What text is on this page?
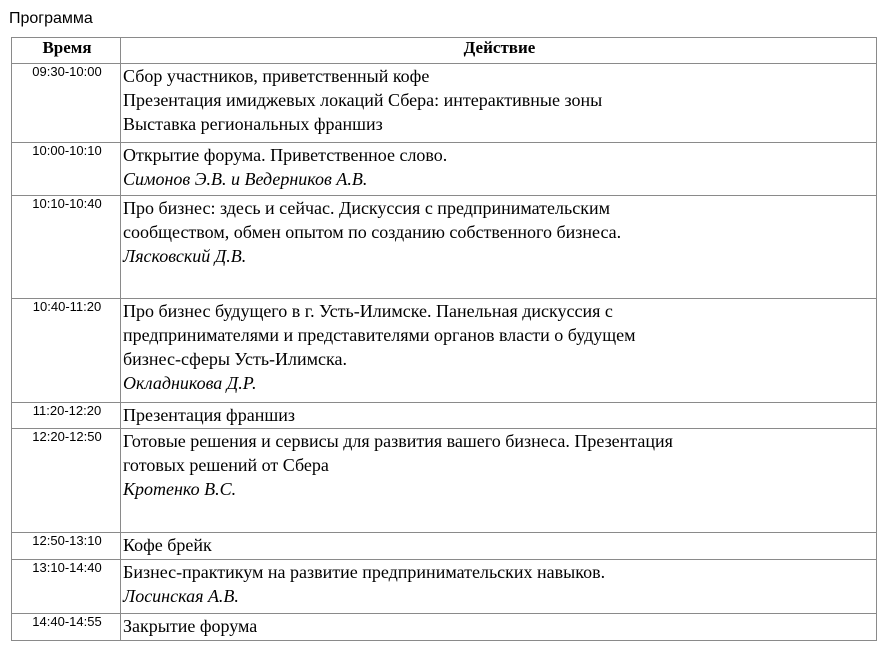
Программа
Время	Действие
09:30-10:00	Сбор участников, приветственный кофе
Презентация имиджевых локаций Сбера: интерактивные зоны
Выставка региональных франшиз

10:00-10:10	Открытие форума. Приветственное слово.
Симонов Э.В. и Ведерников А.В.

10:10-10:40	Про бизнес: здесь и сейчас. Дискуссия с предпринимательским
сообществом, обмен опытом по созданию собственного бизнеса.
Лясковский Д.В.

10:40-11:20	Про бизнес будущего в г. Усть-Илимске. Панельная дискуссия с
предпринимателями и представителями органов власти о будущем
бизнес-сферы Усть-Илимска.
Окладникова Д.Р.

11:20-12:20	Презентация франшиз

12:20-12:50	Готовые решения и сервисы для развития вашего бизнеса. Презентация
готовых решений от Сбера
Кротенко В.С.

12:50-13:10	Кофе брейк

13:10-14:40	Бизнес-практикум на развитие предпринимательских навыков.
Лосинская А.В.

14:40-14:55	Закрытие форума
